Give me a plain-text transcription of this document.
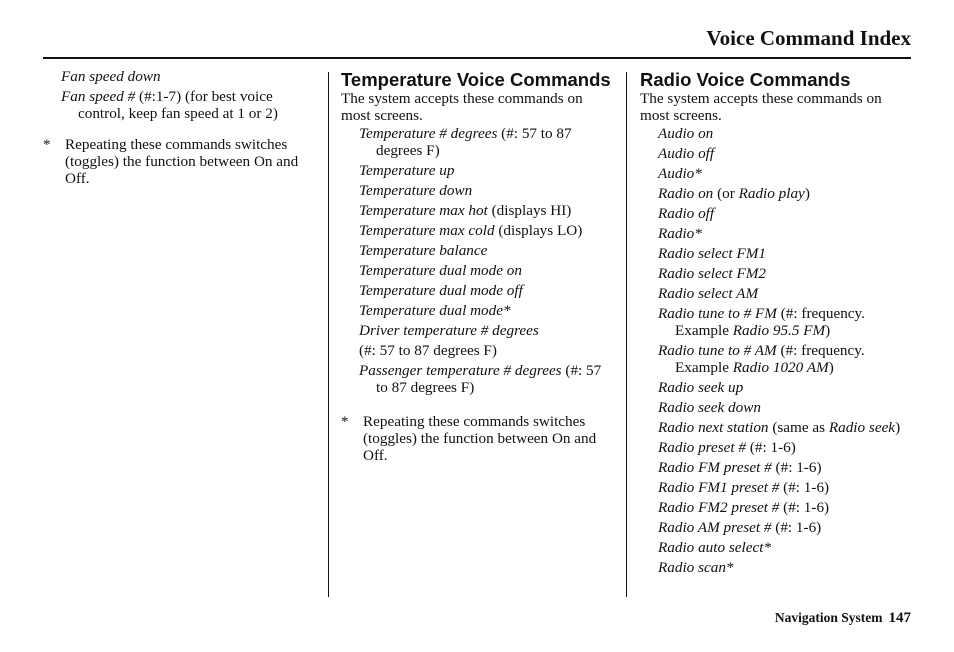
Voice Command Index
Fan speed down
Fan speed # (#:1-7) (for best voice control, keep fan speed at 1 or 2)
* Repeating these commands switches (toggles) the function between On and Off.
Temperature Voice Commands
The system accepts these commands on most screens.
Temperature # degrees (#: 57 to 87 degrees F)
Temperature up
Temperature down
Temperature max hot (displays HI)
Temperature max cold (displays LO)
Temperature balance
Temperature dual mode on
Temperature dual mode off
Temperature dual mode*
Driver temperature # degrees
(#: 57 to 87 degrees F)
Passenger temperature # degrees (#: 57 to 87 degrees F)
* Repeating these commands switches (toggles) the function between On and Off.
Radio Voice Commands
The system accepts these commands on most screens.
Audio on
Audio off
Audio*
Radio on (or Radio play)
Radio off
Radio*
Radio select FM1
Radio select FM2
Radio select AM
Radio tune to # FM (#: frequency. Example Radio 95.5 FM)
Radio tune to # AM (#: frequency. Example Radio 1020 AM)
Radio seek up
Radio seek down
Radio next station (same as Radio seek)
Radio preset # (#: 1-6)
Radio FM preset # (#: 1-6)
Radio FM1 preset # (#: 1-6)
Radio FM2 preset # (#: 1-6)
Radio AM preset # (#: 1-6)
Radio auto select*
Radio scan*
Navigation System 147
